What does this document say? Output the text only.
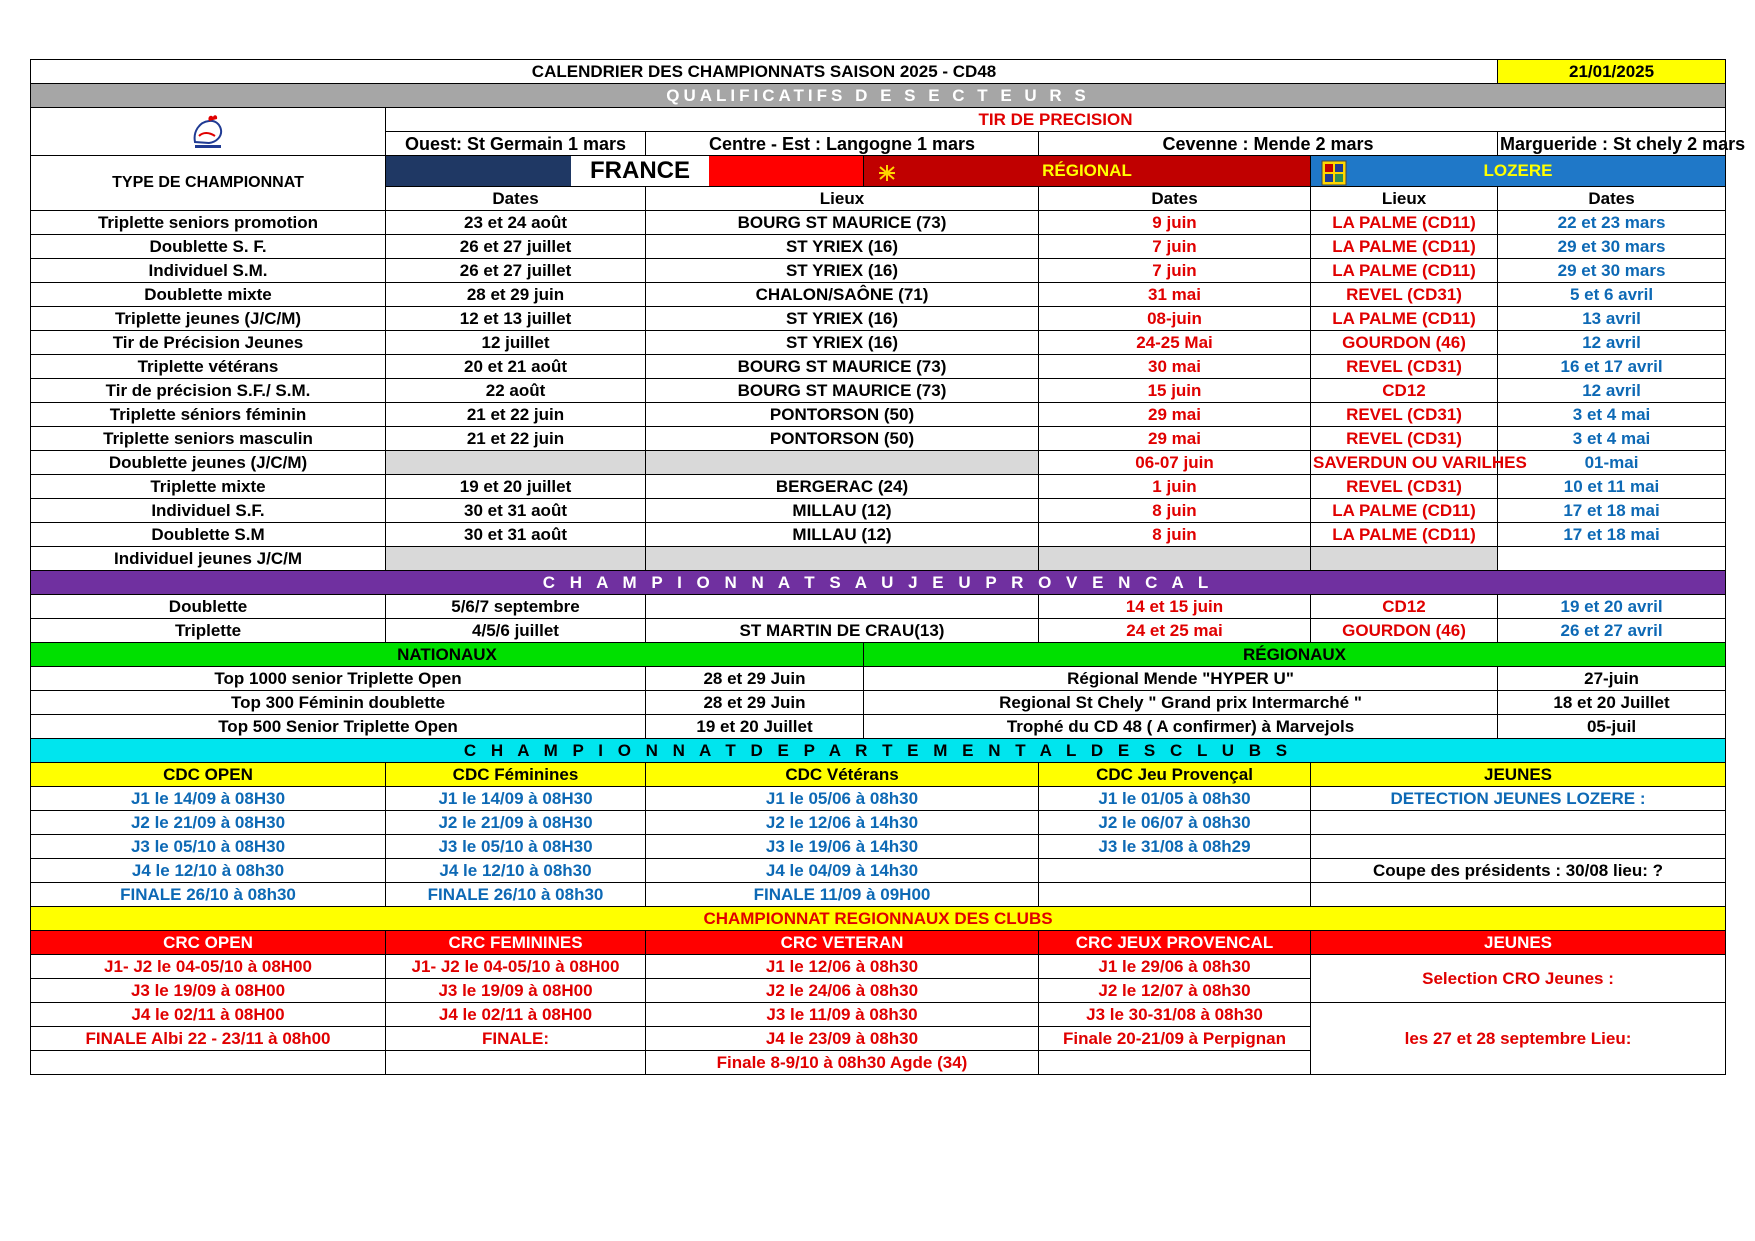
CALENDRIER DES CHAMPIONNATS SAISON 2025 - CD48						21/01/2025	
QUALIFICATIFS D E S E C T E U R S							
	TIR DE PRECISION						
	Ouest: St Germain 1 mars	Centre - Est : Langogne 1 mars		Cevenne : Mende 2 mars		Margueride : St chely 2 mars	
TYPE DE CHAMPIONNAT	FRANCE		RÉGIONAL		LOZERE		
	Dates	Lieux		Dates	Lieux	Dates	
Triplette seniors promotion	23 et 24 août	BOURG ST MAURICE (73)		9 juin	LA PALME (CD11)	22 et 23 mars	
Doublette S. F.	26 et 27 juillet	ST YRIEX (16)		7 juin	LA PALME (CD11)	29 et 30 mars	
Individuel S.M.	26 et 27 juillet	ST YRIEX (16)		7 juin	LA PALME (CD11)	29 et 30 mars	
Doublette mixte	28 et 29 juin	CHALON/SAÔNE (71)		31 mai	REVEL (CD31)	5 et 6 avril	
Triplette jeunes (J/C/M)	12 et 13 juillet	ST YRIEX (16)		08-juin	LA PALME (CD11)	13 avril	
Tir de Précision Jeunes	12 juillet	ST YRIEX (16)		24-25 Mai	GOURDON (46)	12 avril	
Triplette vétérans	20 et 21 août	BOURG ST MAURICE (73)		30 mai	REVEL (CD31)	16 et 17 avril	
Tir de précision S.F./ S.M.	22 août	BOURG ST MAURICE (73)		15 juin	CD12	12 avril	
Triplette séniors féminin	21 et 22 juin	PONTORSON (50)		29 mai	REVEL (CD31)	3 et 4 mai	
Triplette seniors masculin	21 et 22 juin	PONTORSON (50)		29 mai	REVEL (CD31)	3 et 4 mai	
Doublette jeunes (J/C/M)				06-07 juin	SAVERDUN OU VARILHES	01-mai	
Triplette mixte	19 et 20 juillet	BERGERAC (24)		1 juin	REVEL (CD31)	10 et 11 mai	
Individuel S.F.	30 et 31 août	MILLAU (12)		8 juin	LA PALME (CD11)	17 et 18 mai	
Doublette S.M	30 et 31 août	MILLAU (12)		8 juin	LA PALME (CD11)	17 et 18 mai	
Individuel jeunes J/C/M							
C H A M P I O N N A T S A U J E U P R O V E N C A L							
Doublette	5/6/7 septembre			14 et 15 juin	CD12	19 et 20 avril	
Triplette	4/5/6 juillet	ST MARTIN DE CRAU(13)		24 et 25 mai	GOURDON (46)	26 et 27 avril	
NATIONAUX			RÉGIONAUX				
Top 1000 senior Triplette Open		28 et 29 Juin	Régional Mende "HYPER U"			27-juin	
Top 300 Féminin doublette		28 et 29 Juin	Regional St Chely " Grand prix Intermarché "			18 et 20 Juillet	
Top 500 Senior Triplette Open		19 et 20 Juillet	Trophé du CD 48 ( A confirmer) à Marvejols			05-juil	
C H A M P I O N N A T D E P A R T E M E N T A L D E S C L U B S							
CDC OPEN	CDC Féminines	CDC Vétérans		CDC Jeu Provençal	JEUNES		
J1 le 14/09 à 08H30	J1 le 14/09 à 08H30	J1 le 05/06 à 08h30		J1 le 01/05 à 08h30	DETECTION JEUNES LOZERE :		
J2 le 21/09 à 08H30	J2 le 21/09 à 08H30	J2 le 12/06 à 14h30		J2 le 06/07 à 08h30			
J3 le 05/10 à 08H30	J3 le 05/10 à 08H30	J3 le 19/06 à 14h30		J3 le 31/08 à 08h29			
J4 le 12/10 à 08h30	J4 le 12/10 à 08h30	J4 le 04/09 à 14h30			Coupe des présidents : 30/08 lieu: ?		
FINALE 26/10 à 08h30	FINALE 26/10 à 08h30	FINALE 11/09 à 09H00					
CHAMPIONNAT REGIONNAUX DES CLUBS							
CRC OPEN	CRC FEMININES	CRC VETERAN		CRC JEUX PROVENCAL	JEUNES		
J1- J2 le 04-05/10 à 08H00	J1- J2 le 04-05/10 à 08H00	J1 le 12/06 à 08h30		J1 le 29/06 à 08h30	Selection CRO Jeunes :		
J3 le 19/09 à 08H00	J3 le 19/09 à 08H00	J2 le 24/06 à 08h30		J2 le 12/07 à 08h30			
J4 le 02/11 à 08H00	J4 le 02/11 à 08H00	J3 le 11/09 à 08h30		J3 le 30-31/08 à 08h30	les 27 et 28 septembre Lieu:		
FINALE Albi 22 - 23/11 à 08h00	FINALE:	J4 le 23/09 à 08h30		Finale 20-21/09 à Perpignan			
		Finale 8-9/10 à 08h30 Agde (34)					
